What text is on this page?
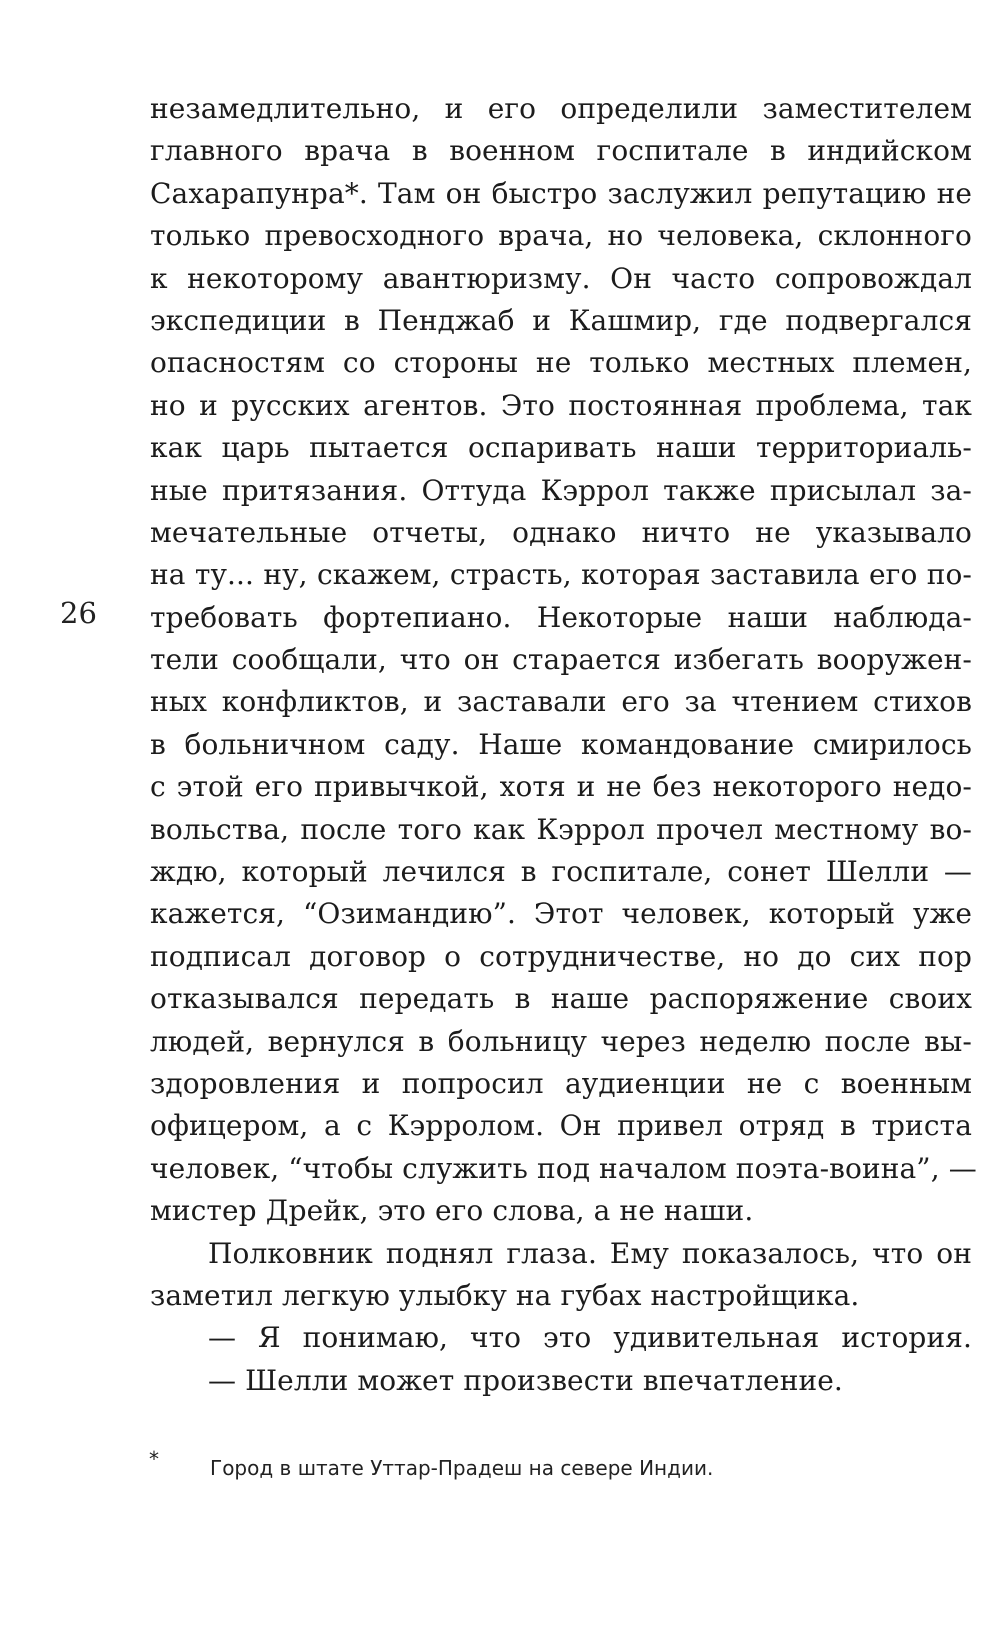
26
незамедлительно, и его определили заместителем
главного врача в военном госпитале в индийском
Сахарапунра*. Там он быстро заслужил репутацию не
только превосходного врача, но человека, склонного
к некоторому авантюризму. Он часто сопровождал
экспедиции в Пенджаб и Кашмир, где подвергался
опасностям со стороны не только местных племен,
но и русских агентов. Это постоянная проблема, так
как царь пытается оспаривать наши территориаль-
ные притязания. Оттуда Кэррол также присылал за-
мечательные отчеты, однако ничто не указывало
на ту... ну, скажем, страсть, которая заставила его по-
требовать фортепиано. Некоторые наши наблюда-
тели сообщали, что он старается избегать вооружен-
ных конфликтов, и заставали его за чтением стихов
в больничном саду. Наше командование смирилось
с этой его привычкой, хотя и не без некоторого недо-
вольства, после того как Кэррол прочел местному во-
ждю, который лечился в госпитале, сонет Шелли —
кажется, “Озимандию”. Этот человек, который уже
подписал договор о сотрудничестве, но до сих пор
отказывался передать в наше распоряжение своих
людей, вернулся в больницу через неделю после вы-
здоровления и попросил аудиенции не с военным
офицером, а с Кэрролом. Он привел отряд в триста
человек, “чтобы служить под началом поэта-воина”, —
мистер Дрейк, это его слова, а не наши.
Полковник поднял глаза. Ему показалось, что он
заметил легкую улыбку на губах настройщика.
— Я понимаю, что это удивительная история.
— Шелли может произвести впечатление.
*	Город в штате Уттар-Прадеш на севере Индии.
